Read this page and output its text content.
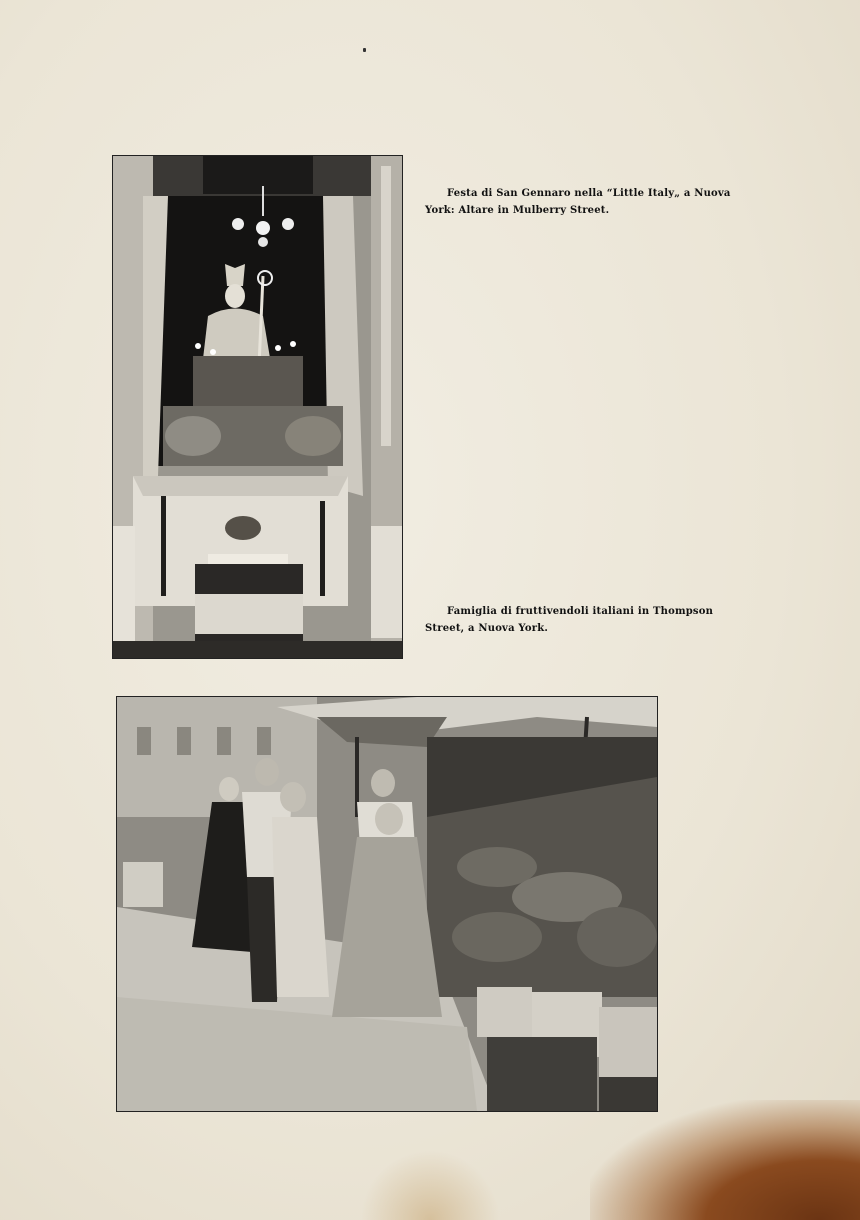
Festa di San Gennaro nella “Little Italy„ a Nuova
York: Altare in Mulberry Street.
Famiglia di fruttivendoli italiani in Thompson
Street, a Nuova York.
